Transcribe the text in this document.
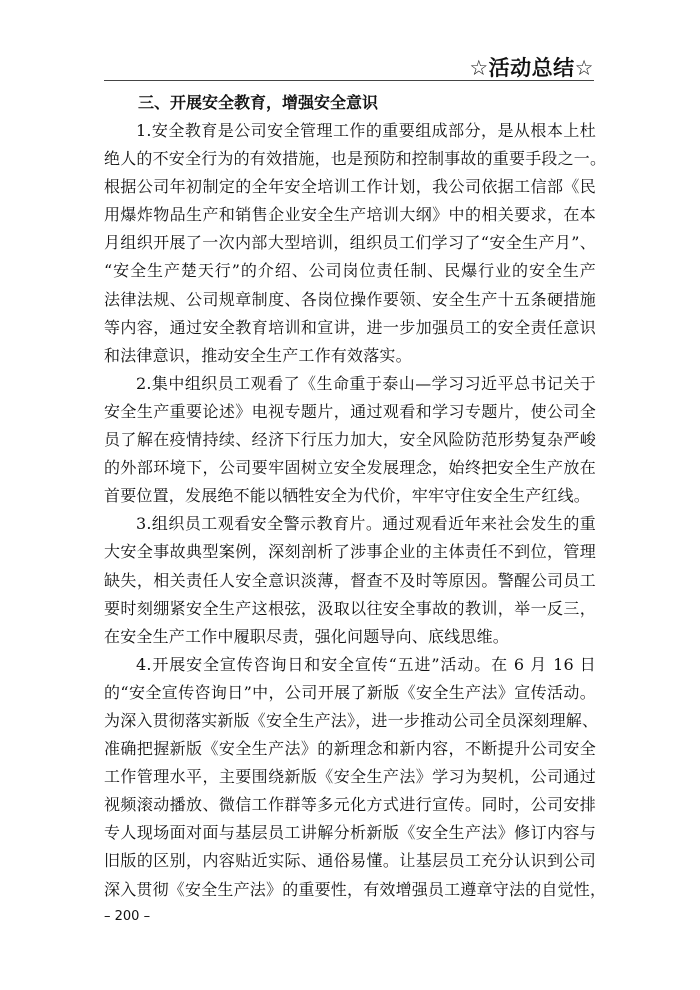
☆活动总结☆
三、开展安全教育，增强安全意识
1.安全教育是公司安全管理工作的重要组成部分，是从根本上杜
绝人的不安全行为的有效措施，也是预防和控制事故的重要手段之一。
根据公司年初制定的全年安全培训工作计划，我公司依据工信部《民
用爆炸物品生产和销售企业安全生产培训大纲》中的相关要求，在本
月组织开展了一次内部大型培训，组织员工们学习了“安全生产月”、
“安全生产楚天行”的介绍、公司岗位责任制、民爆行业的安全生产
法律法规、公司规章制度、各岗位操作要领、安全生产十五条硬措施
等内容，通过安全教育培训和宣讲，进一步加强员工的安全责任意识
和法律意识，推动安全生产工作有效落实。
2.集中组织员工观看了《生命重于泰山—学习习近平总书记关于
安全生产重要论述》电视专题片，通过观看和学习专题片，使公司全
员了解在疫情持续、经济下行压力加大，安全风险防范形势复杂严峻
的外部环境下，公司要牢固树立安全发展理念，始终把安全生产放在
首要位置，发展绝不能以牺牲安全为代价，牢牢守住安全生产红线。
3.组织员工观看安全警示教育片。通过观看近年来社会发生的重
大安全事故典型案例，深刻剖析了涉事企业的主体责任不到位，管理
缺失，相关责任人安全意识淡薄，督查不及时等原因。警醒公司员工
要时刻绷紧安全生产这根弦，汲取以往安全事故的教训，举一反三，
在安全生产工作中履职尽责，强化问题导向、底线思维。
4.开展安全宣传咨询日和安全宣传“五进”活动。在 6 月 16 日
的“安全宣传咨询日”中，公司开展了新版《安全生产法》宣传活动。
为深入贯彻落实新版《安全生产法》，进一步推动公司全员深刻理解、
准确把握新版《安全生产法》的新理念和新内容，不断提升公司安全
工作管理水平，主要围绕新版《安全生产法》学习为契机，公司通过
视频滚动播放、微信工作群等多元化方式进行宣传。同时，公司安排
专人现场面对面与基层员工讲解分析新版《安全生产法》修订内容与
旧版的区别，内容贴近实际、通俗易懂。让基层员工充分认识到公司
深入贯彻《安全生产法》的重要性，有效增强员工遵章守法的自觉性，
– 200 –
